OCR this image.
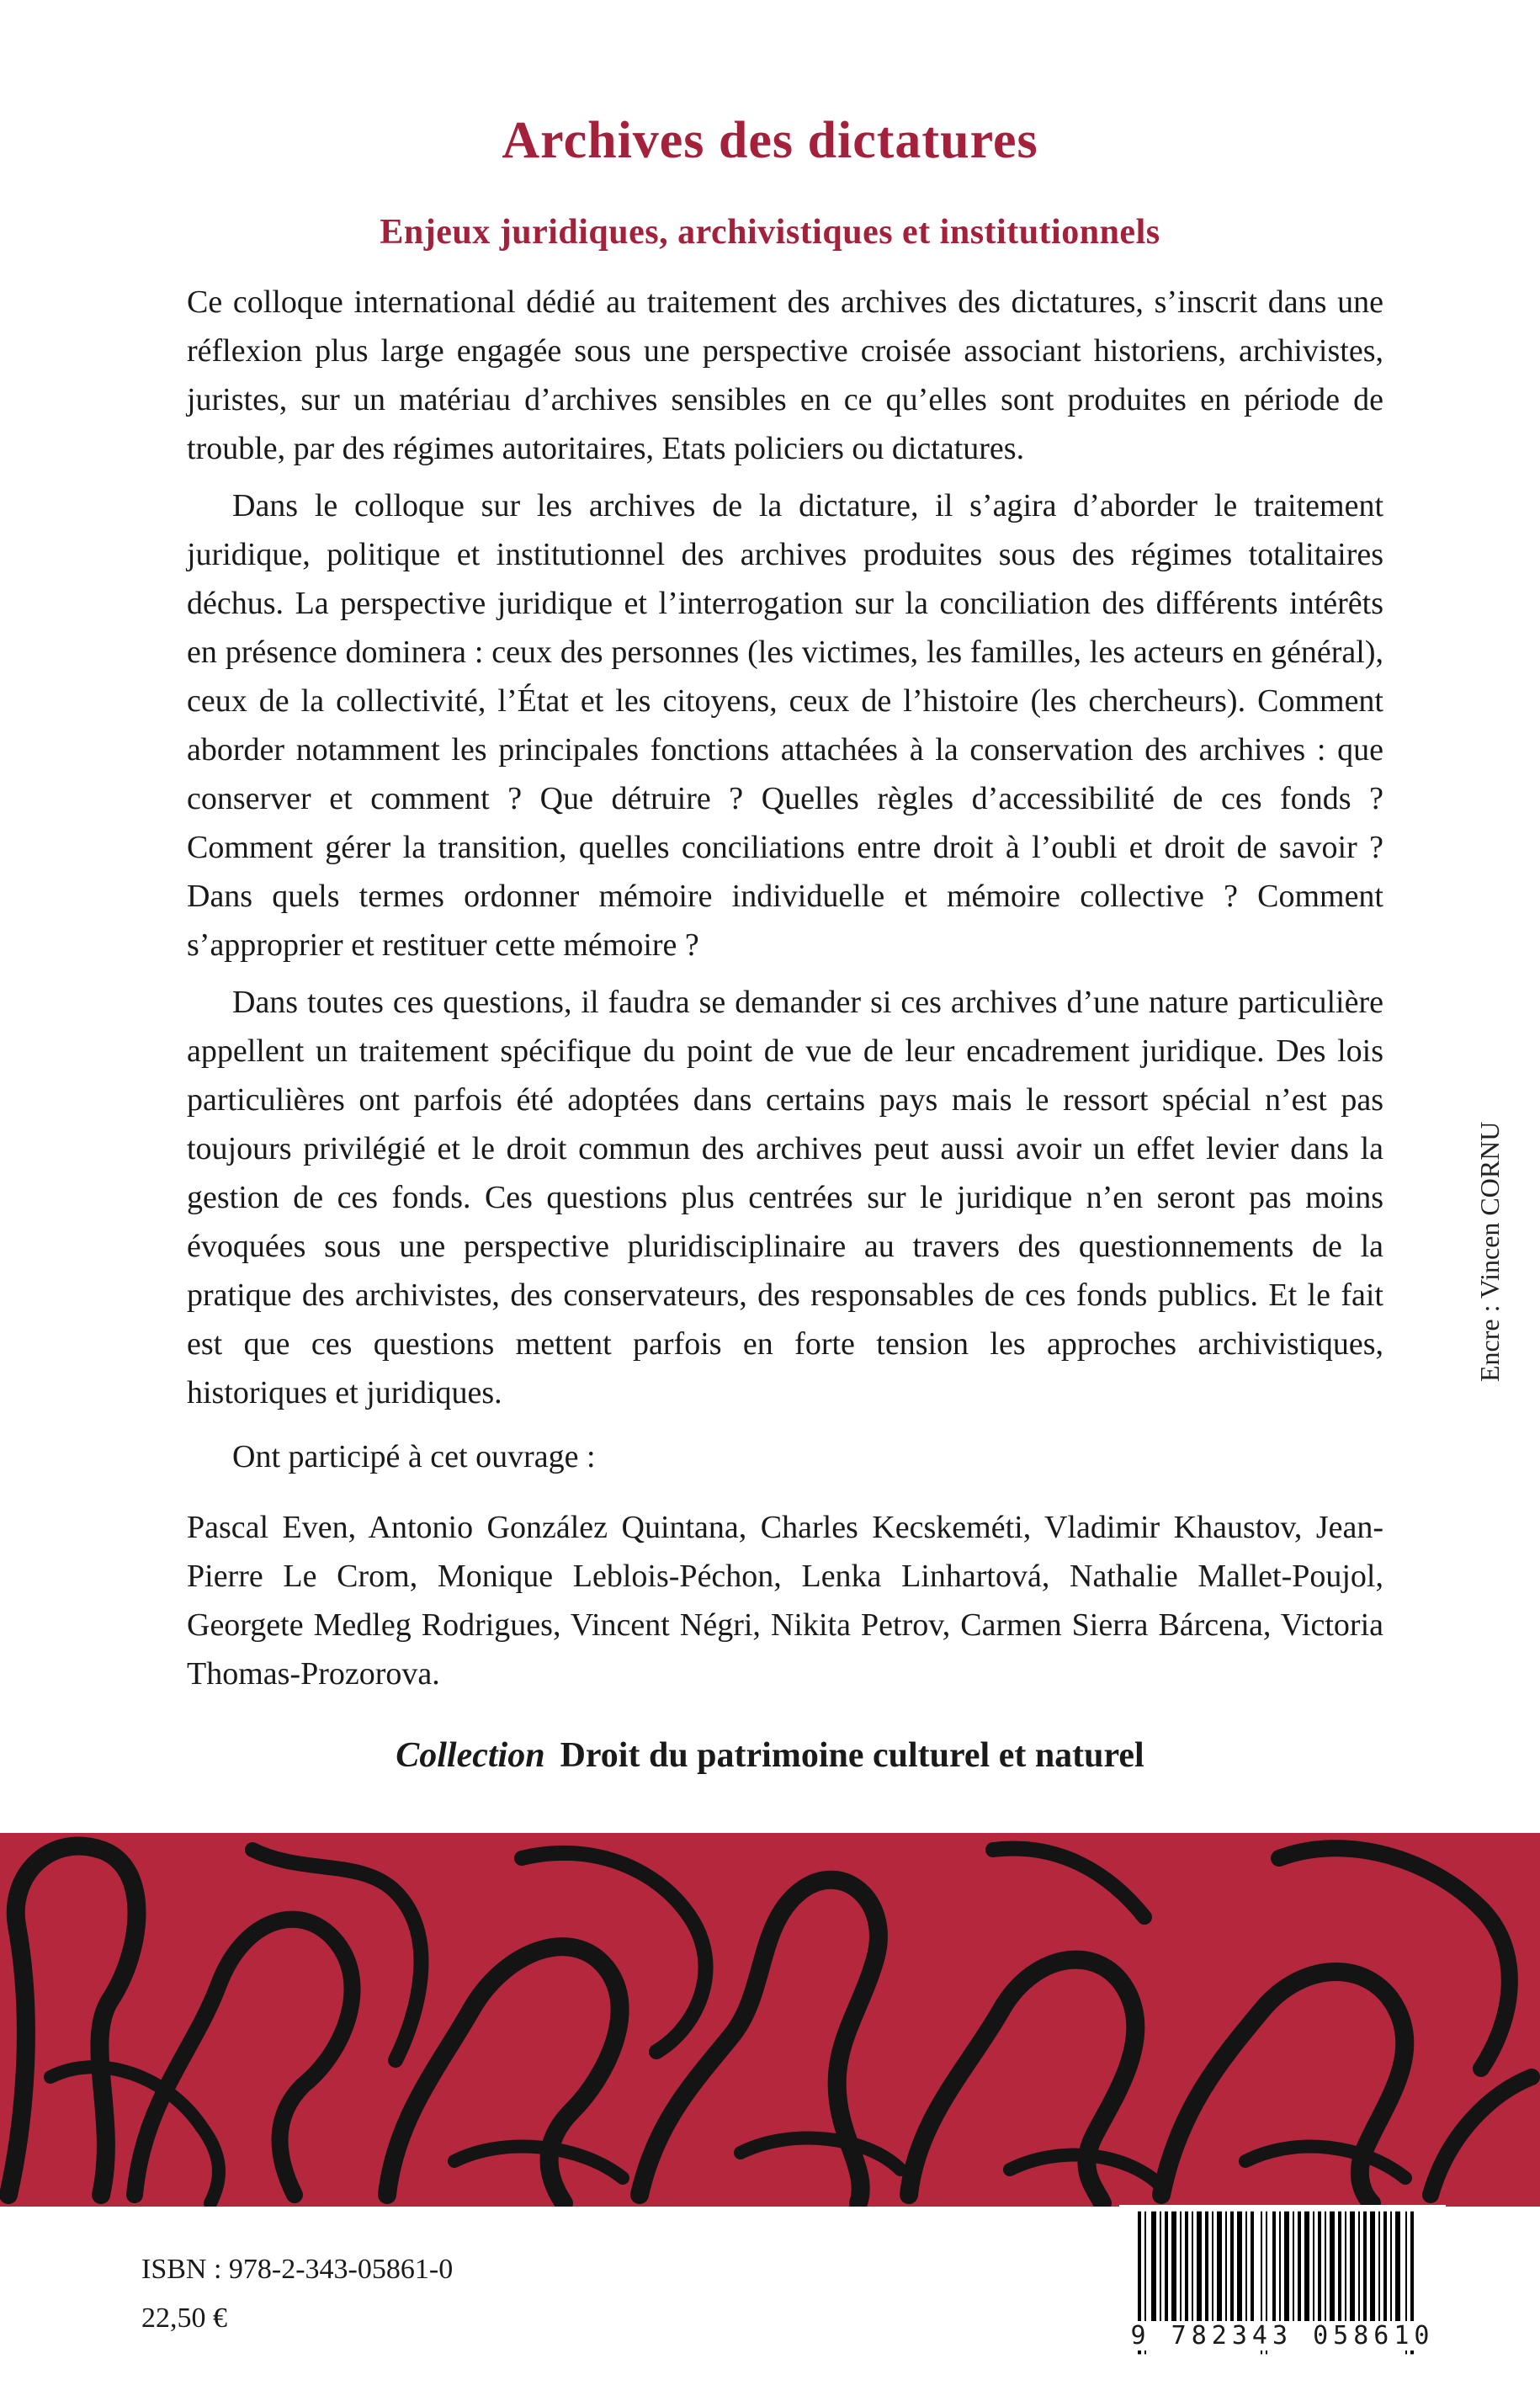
Archives des dictatures
Enjeux juridiques, archivistiques et institutionnels

Ce colloque international dédié au traitement des archives des dictatures, s’inscrit dans une réflexion plus large engagée sous une perspective croisée associant historiens, archivistes, juristes, sur un matériau d’archives sensibles en ce qu’elles sont produites en période de trouble, par des régimes autoritaires, Etats policiers ou dictatures.

Dans le colloque sur les archives de la dictature, il s’agira d’aborder le traitement juridique, politique et institutionnel des archives produites sous des régimes totalitaires déchus. La perspective juridique et l’interrogation sur la conciliation des différents intérêts en présence dominera : ceux des personnes (les victimes, les familles, les acteurs en général), ceux de la collectivité, l’État et les citoyens, ceux de l’histoire (les chercheurs). Comment aborder notamment les principales fonctions attachées à la conservation des archives : que conserver et comment ? Que détruire ? Quelles règles d’accessibilité de ces fonds ? Comment gérer la transition, quelles conciliations entre droit à l’oubli et droit de savoir ? Dans quels termes ordonner mémoire individuelle et mémoire collective ? Comment s’approprier et restituer cette mémoire ?

Dans toutes ces questions, il faudra se demander si ces archives d’une nature particulière appellent un traitement spécifique du point de vue de leur encadrement juridique. Des lois particulières ont parfois été adoptées dans certains pays mais le ressort spécial n’est pas toujours privilégié et le droit commun des archives peut aussi avoir un effet levier dans la gestion de ces fonds. Ces questions plus centrées sur le juridique n’en seront pas moins évoquées sous une perspective pluridisciplinaire au travers des questionnements de la pratique des archivistes, des conservateurs, des responsables de ces fonds publics. Et le fait est que ces questions mettent parfois en forte tension les approches archivistiques, historiques et juridiques.

Ont participé à cet ouvrage :

Pascal Even, Antonio González Quintana, Charles Kecskeméti, Vladimir Khaustov, Jean-Pierre Le Crom, Monique Leblois-Péchon, Lenka Linhartová, Nathalie Mallet-Poujol, Georgete Medleg Rodrigues, Vincent Négri, Nikita Petrov, Carmen Sierra Bárcena, Victoria Thomas-Prozorova.

Encre : Vincen CORNU
Collection Droit du patrimoine culturel et naturel
ISBN : 978-2-343-05861-0
22,50 €
9 782343 058610
